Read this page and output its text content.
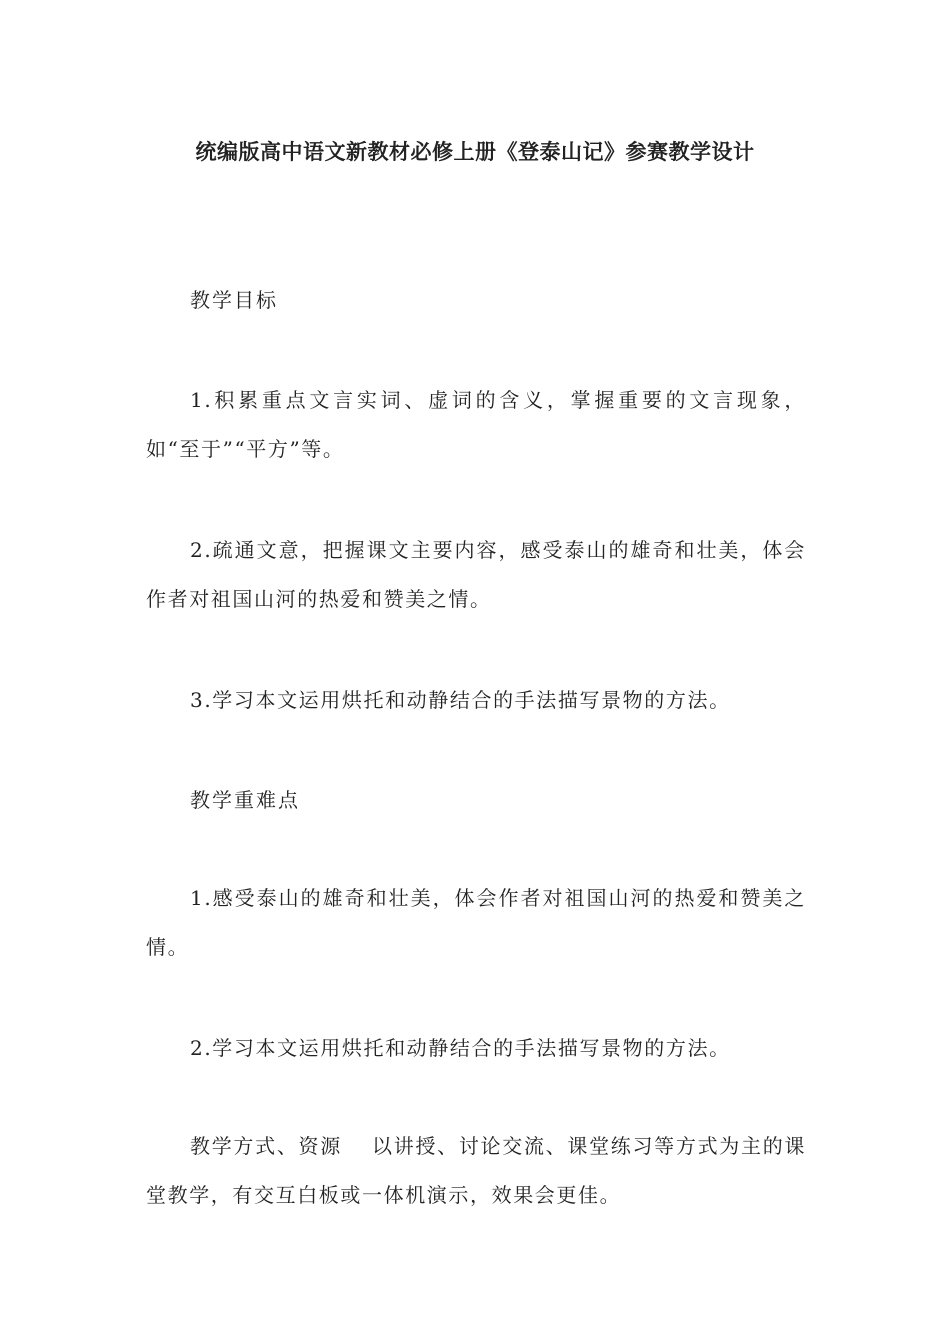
统编版高中语文新教材必修上册《登泰山记》参赛教学设计
教学目标
1.积累重点文言实词、虚词的含义，掌握重要的文言现象，如“至于”“平方”等。
2.疏通文意，把握课文主要内容，感受泰山的雄奇和壮美，体会作者对祖国山河的热爱和赞美之情。
3.学习本文运用烘托和动静结合的手法描写景物的方法。
教学重难点
1.感受泰山的雄奇和壮美，体会作者对祖国山河的热爱和赞美之情。
2.学习本文运用烘托和动静结合的手法描写景物的方法。
教学方式、资源 以讲授、讨论交流、课堂练习等方式为主的课堂教学，有交互白板或一体机演示，效果会更佳。
